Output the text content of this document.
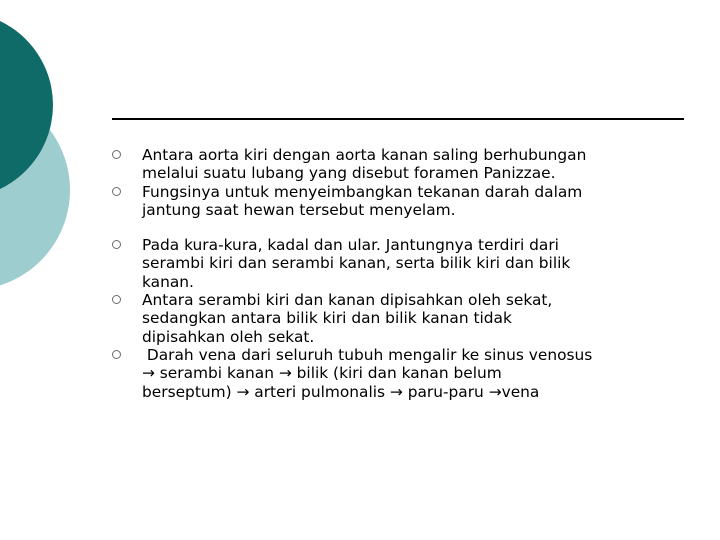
Antara aorta kiri dengan aorta kanan saling berhubungan
melalui suatu lubang yang disebut foramen Panizzae.
Fungsinya untuk menyeimbangkan tekanan darah dalam
jantung saat hewan tersebut menyelam.
Pada kura-kura, kadal dan ular. Jantungnya terdiri dari
serambi kiri dan serambi kanan, serta bilik kiri dan bilik
kanan.
Antara serambi kiri dan kanan dipisahkan oleh sekat,
sedangkan antara bilik kiri dan bilik kanan tidak
dipisahkan oleh sekat.
Darah vena dari seluruh tubuh mengalir ke sinus venosus
→ serambi kanan → bilik (kiri dan kanan belum
berseptum) → arteri pulmonalis → paru-paru →vena
